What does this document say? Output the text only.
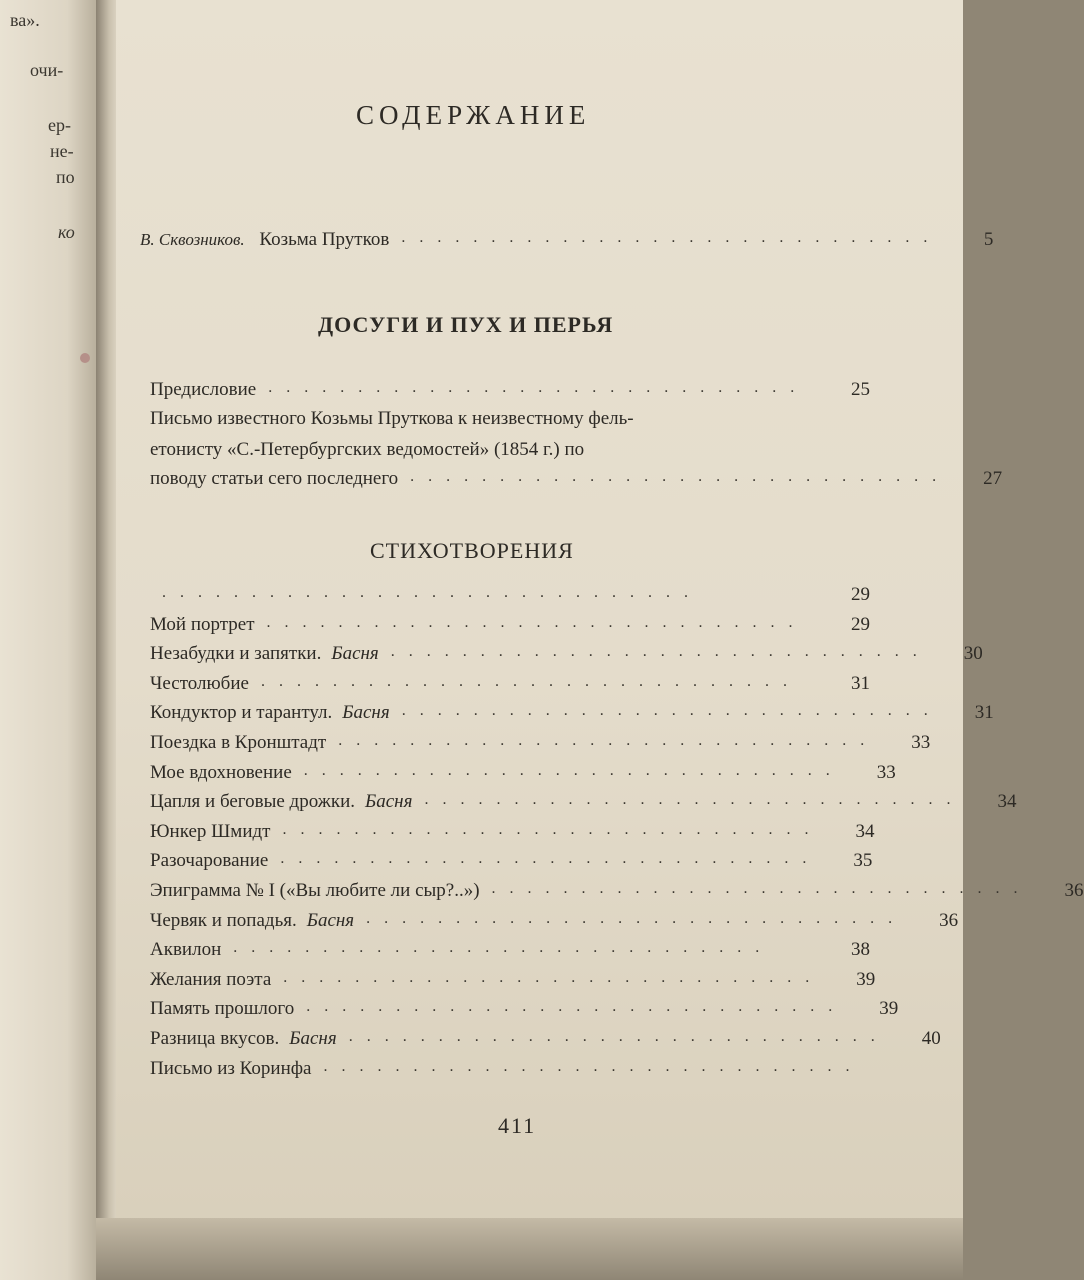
ва».
очи-
ер-
не-
по
ко
СОДЕРЖАНИЕ
В. Сквозников. Козьма Прутков ..............................	5
ДОСУГИ И ПУХ И ПЕРЬЯ
Предисловие ..............................	25
Письмо известного Козьмы Пруткова к неизвестному фель-
етонисту «С.-Петербургских ведомостей» (1854 г.) по
поводу статьи сего последнего ..............................	27
СТИХОТВОРЕНИЯ
..............................	29
Мой портрет ..............................	29
Незабудки и запятки. Басня ..............................	30
Честолюбие ..............................	31
Кондуктор и тарантул. Басня ..............................	31
Поездка в Кронштадт ..............................	33
Мое вдохновение ..............................	33
Цапля и беговые дрожки. Басня ..............................	34
Юнкер Шмидт ..............................	34
Разочарование ..............................	35
Эпиграмма № I («Вы любите ли сыр?..») ..............................	36
Червяк и попадья. Басня ..............................	36
Аквилон ..............................	38
Желания поэта ..............................	39
Память прошлого ..............................	39
Разница вкусов. Басня ..............................	40
Письмо из Коринфа ..............................
411
